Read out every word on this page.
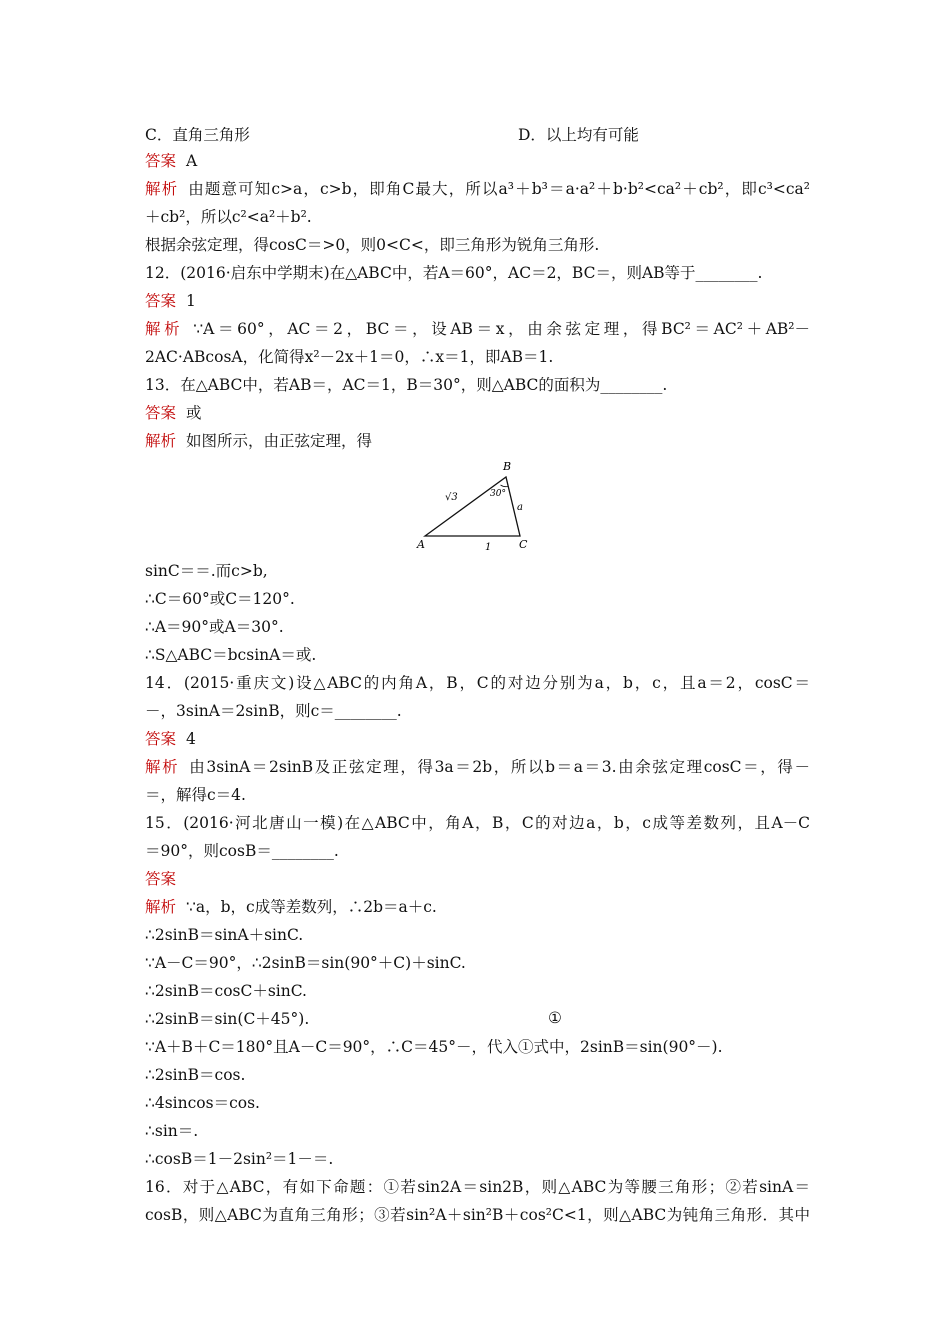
C．直角三角形	D．以上均有可能
答案 A
解析 由题意可知c>a，c>b，即角C最大，所以a³＋b³＝a·a²＋b·b²<ca²＋cb²，即c³<ca²
＋cb²，所以c²<a²＋b².
根据余弦定理，得cosC＝>0，则0<C<，即三角形为锐角三角形.
12．(2016·启东中学期末)在△ABC中，若A＝60°，AC＝2，BC＝，则AB等于________.
答案 1
解析 ∵A＝60°，AC＝2，BC＝，设AB＝x，由余弦定理，得BC²＝AC²＋AB²－
2AC·ABcosA，化简得x²－2x＋1＝0，∴x＝1，即AB＝1.
13．在△ABC中，若AB＝，AC＝1，B＝30°，则△ABC的面积为________.
答案 或
解析 如图所示，由正弦定理，得
A
B
C
√3
a
1
30°
sinC＝＝.而c>b,
∴C＝60°或C＝120°.
∴A＝90°或A＝30°.
∴S△ABC＝bcsinA＝或.
14．(2015·重庆文)设△ABC的内角A，B，C的对边分别为a，b，c，且a＝2，cosC＝
－，3sinA＝2sinB，则c＝________.
答案 4
解析 由3sinA＝2sinB及正弦定理，得3a＝2b，所以b＝a＝3.由余弦定理cosC＝，得－
＝，解得c＝4.
15．(2016·河北唐山一模)在△ABC中，角A，B，C的对边a，b，c成等差数列，且A－C
＝90°，则cosB＝________.
答案
解析 ∵a，b，c成等差数列，∴2b＝a＋c.
∴2sinB＝sinA＋sinC.
∵A－C＝90°，∴2sinB＝sin(90°＋C)＋sinC.
∴2sinB＝cosC＋sinC.
∴2sinB＝sin(C＋45°).	①
∵A＋B＋C＝180°且A－C＝90°，∴C＝45°－，代入①式中，2sinB＝sin(90°－).
∴2sinB＝cos.
∴4sincos＝cos.
∴sin＝.
∴cosB＝1－2sin²＝1－＝.
16．对于△ABC，有如下命题：①若sin2A＝sin2B，则△ABC为等腰三角形；②若sinA＝
cosB，则△ABC为直角三角形；③若sin²A＋sin²B＋cos²C<1，则△ABC为钝角三角形．其中
